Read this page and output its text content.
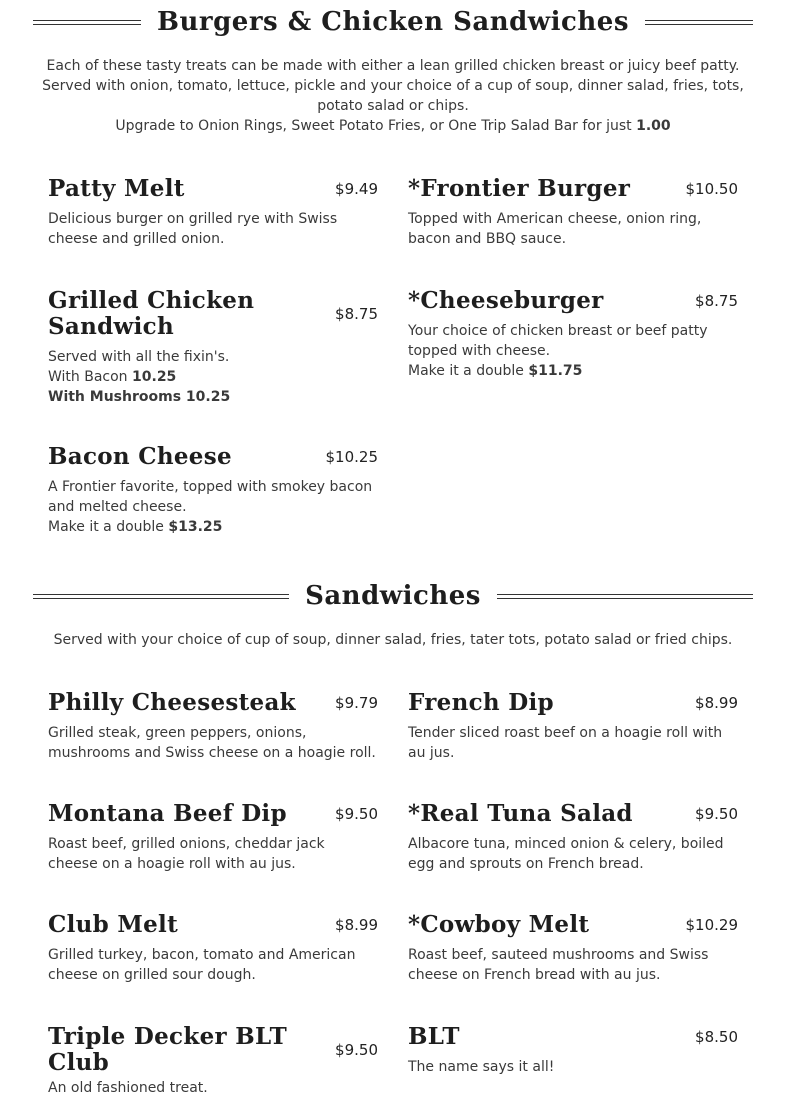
Burgers & Chicken Sandwiches

Each of these tasty treats can be made with either a lean grilled chicken breast or juicy beef patty.

Served with onion, tomato, lettuce, pickle and your choice of a cup of soup, dinner salad, fries, tots, potato salad or chips.

Upgrade to Onion Rings, Sweet Potato Fries, or One Trip Salad Bar for just 1.00

Patty Melt	$9.49
Delicious burger on grilled rye with Swiss cheese and grilled onion.
*Frontier Burger	$10.50
Topped with American cheese, onion ring, bacon and BBQ sauce.
Grilled Chicken Sandwich	$8.75
Served with all the fixin's.
With Bacon 10.25
With Mushrooms 10.25
*Cheeseburger	$8.75
Your choice of chicken breast or beef patty topped with cheese.
Make it a double $11.75
Bacon Cheese	$10.25
A Frontier favorite, topped with smokey bacon and melted cheese.
Make it a double $13.25
Sandwiches

Served with your choice of cup of soup, dinner salad, fries, tater tots, potato salad or fried chips.

Philly Cheesesteak	$9.79
Grilled steak, green peppers, onions, mushrooms and Swiss cheese on a hoagie roll.
French Dip	$8.99
Tender sliced roast beef on a hoagie roll with au jus.
Montana Beef Dip	$9.50
Roast beef, grilled onions, cheddar jack cheese on a hoagie roll with au jus.
*Real Tuna Salad	$9.50
Albacore tuna, minced onion & celery, boiled egg and sprouts on French bread.
Club Melt	$8.99
Grilled turkey, bacon, tomato and American cheese on grilled sour dough.
*Cowboy Melt	$10.29
Roast beef, sauteed mushrooms and Swiss cheese on French bread with au jus.
Triple Decker BLT Club	$9.50
An old fashioned treat.
BLT	$8.50
The name says it all!
